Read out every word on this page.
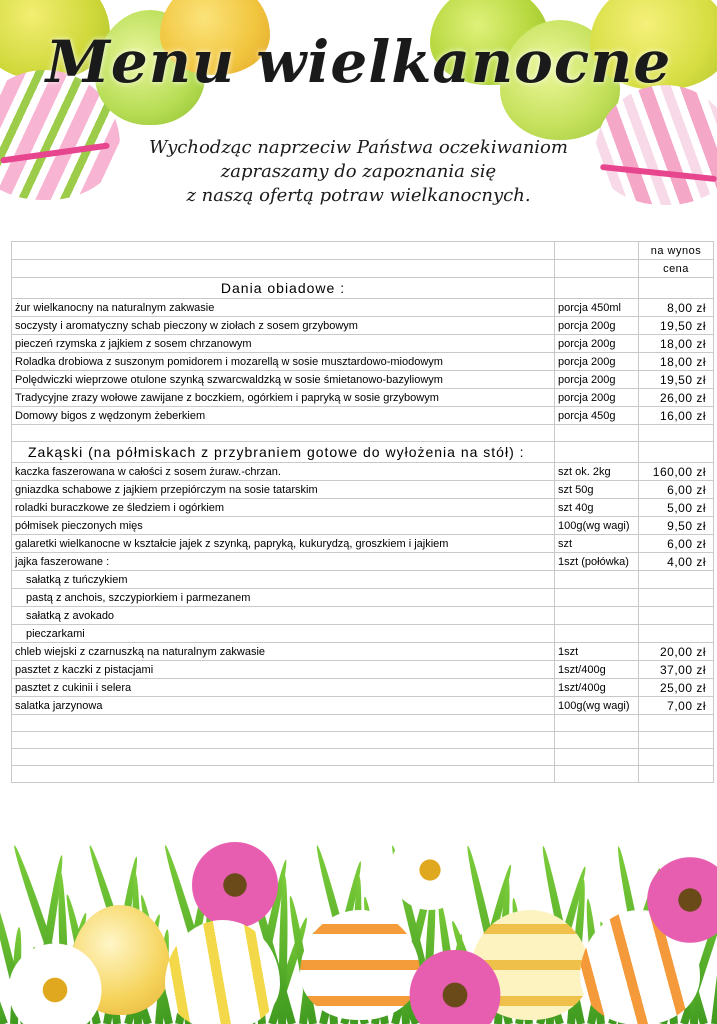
Menu wielkanocne
Wychodząc naprzeciw Państwa oczekiwaniom
zapraszamy do zapoznania się
z naszą ofertą potraw wielkanocnych.
		na wynos
		cena
Dania obiadowe :		
żur wielkanocny na naturalnym zakwasie	porcja 450ml	8,00 zł
soczysty i aromatyczny schab pieczony w ziołach z sosem grzybowym	porcja 200g	19,50 zł
pieczeń rzymska z jajkiem z sosem chrzanowym	porcja 200g	18,00 zł
Roladka drobiowa z suszonym pomidorem i mozarellą w sosie musztardowo-miodowym	porcja 200g	18,00 zł
Polędwiczki wieprzowe otulone szynką szwarcwaldzką w sosie śmietanowo-bazyliowym	porcja 200g	19,50 zł
Tradycyjne zrazy wołowe zawijane z boczkiem, ogórkiem i papryką w sosie grzybowym	porcja 200g	26,00 zł
Domowy bigos z wędzonym żeberkiem	porcja 450g	16,00 zł

Zakąski (na półmiskach z przybraniem gotowe do wyłożenia na stół) :		
kaczka faszerowana w całości z sosem żuraw.-chrzan.	szt ok. 2kg	160,00 zł
gniazdka schabowe z jajkiem przepiórczym na sosie tatarskim	szt 50g	6,00 zł
roladki buraczkowe ze śledziem i ogórkiem	szt 40g	5,00 zł
półmisek pieczonych mięs	100g(wg wagi)	9,50 zł
galaretki wielkanocne w kształcie jajek z szynką, papryką, kukurydzą, groszkiem i jajkiem	szt	6,00 zł
jajka faszerowane :	1szt (połówka)	4,00 zł
sałatką z tuńczykiem		
pastą z anchois, szczypiorkiem i parmezanem		
sałatką z avokado		
pieczarkami		
chleb wiejski z czarnuszką na naturalnym zakwasie	1szt	20,00 zł
pasztet z kaczki z pistacjami	1szt/400g	37,00 zł
pasztet z cukinii i selera	1szt/400g	25,00 zł
salatka jarzynowa	100g(wg wagi)	7,00 zł
